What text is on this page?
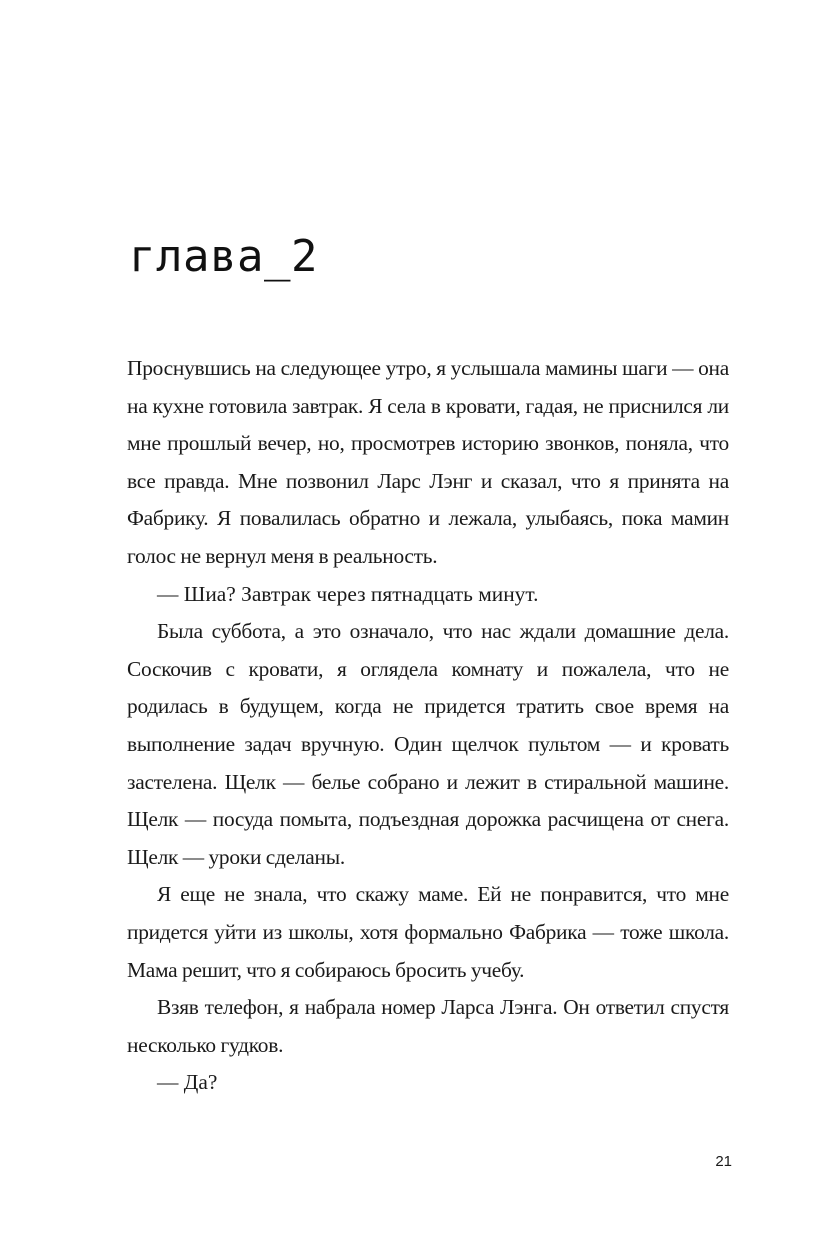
глава_2

Проснувшись на следующее утро, я услышала мамины шаги — она на кухне готовила завтрак. Я села в кровати, гадая, не приснился ли мне прошлый вечер, но, просмотрев историю звонков, поняла, что все правда. Мне позвонил Ларс Лэнг и сказал, что я принята на Фабрику. Я повалилась обратно и лежала, улыбаясь, пока мамин голос не вернул меня в реальность.

— Шиа? Завтрак через пятнадцать минут.

Была суббота, а это означало, что нас ждали домашние дела. Соскочив с кровати, я оглядела комнату и пожалела, что не родилась в будущем, когда не придется тратить свое время на выполнение задач вручную. Один щелчок пультом — и кровать застелена. Щелк — белье собрано и лежит в стиральной машине. Щелк — посуда помыта, подъездная дорожка расчищена от снега. Щелк — уроки сделаны.

Я еще не знала, что скажу маме. Ей не понравится, что мне придется уйти из школы, хотя формально Фабрика — тоже школа. Мама решит, что я собираюсь бросить учебу.

Взяв телефон, я набрала номер Ларса Лэнга. Он ответил спустя несколько гудков.

— Да?

21
